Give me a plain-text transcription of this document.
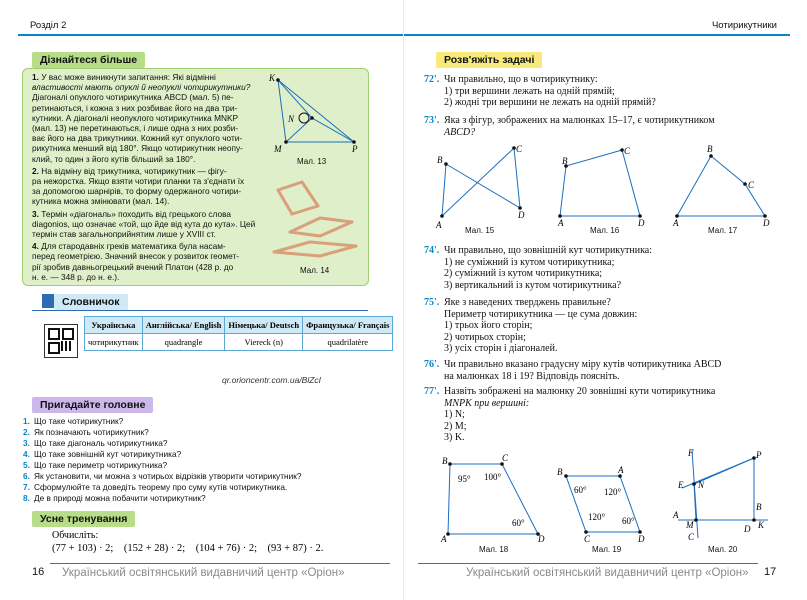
Розділ 2
Дізнайтеся більше

1. У вас може виникнути запитання: Які відмінні
властивості мають опуклі й неопуклі чотирикутники?
Діагоналі опуклого чотирикутника ABCD (мал. 5) пе-
ретинаються, і кожна з них розбиває його на два три-
кутники. А діагоналі неопуклого чотирикутника MNKP
(мал. 13) не перетинаються, і лише одна з них розби-
ває його на два трикутники. Кожний кут опуклого чоти-
рикутника менший від 180°. Якщо чотирикутник неопу-
клий, то один з його кутів більший за 180°.

2. На відміну від трикутника, чотирикутник — фігу-
ра нежорстка. Якщо взяти чотири планки та з'єднати їх
за допомогою шарнірів, то форму одержаного чотири-
кутника можна змінювати (мал. 14).

3. Термін «діагональ» походить від грецького слова
diagonios, що означає «той, що йде від кута до кута». Цей
термін став загальноприйнятим лише у XVIII ст.

4. Для стародавніх греків математика була насам-
перед геометрією. Значний внесок у розвиток геомет-
рії зробив давньогрецький вчений Платон (428 р. до
н. е. — 348 р. до н. е.).

K
N
M	P
Мал. 13
Мал. 14
Словничок
Українська	Англійська/ English	Німецька/ Deutsch	Французька/ Français
чотирикутник	quadrangle	Viereck (n)	quadrilatère
qr.orioncentr.com.ua/BlZcI
Пригадайте головне
1. Що таке чотирикутник?
2. Як позначають чотирикутник?
3. Що таке діагональ чотирикутника?
4. Що таке зовнішній кут чотирикутника?
5. Що таке периметр чотирикутника?
6. Як установити, чи можна з чотирьох відрізків утворити чотирикутник?
7. Сформулюйте та доведіть теорему про суму кутів чотирикутника.
8. Де в природі можна побачити чотирикутник?
Усне тренування
Обчисліть:
(77 + 103) · 2; (152 + 28) · 2; (104 + 76) · 2; (93 + 87) · 2.
16 Український освітянський видавничий центр «Оріон»
Чотирикутники
Розв'яжіть задачі
72'. Чи правильно, що в чотирикутнику:
1) три вершини лежать на одній прямій;
2) жодні три вершини не лежать на одній прямій?
73'. Яка з фігур, зображених на малюнках 15–17, є чотирикутником
ABCD?
B
A
C
D
Мал. 15
B
A
C
D
Мал. 16
B
A
C
D
Мал. 17
74'. Чи правильно, що зовнішній кут чотирикутника:
1) не суміжний із кутом чотирикутника;
2) суміжний із кутом чотирикутника;
3) вертикальний із кутом чотирикутника?
75'. Яке з наведених тверджень правильне?
Периметр чотирикутника — це сума довжин:
1) трьох його сторін;
2) чотирьох сторін;
3) усіх сторін і діагоналей.
76'. Чи правильно вказано градусну міру кутів чотирикутника ABCD
на малюнках 18 і 19? Відповідь поясніть.
77'. Назвіть зображені на малюнку 20 зовнішні кути чотирикутника
MNPK при вершині:
1) N;
2) M;
3) K.
B
A
C
D
95° 100°
60°
Мал. 18
B	A
D
C
60° 120°
120° 60°
Мал. 19
F
E N
A
M
C
D K
B
P
Мал. 20
Український освітянський видавничий центр «Оріон» 17
